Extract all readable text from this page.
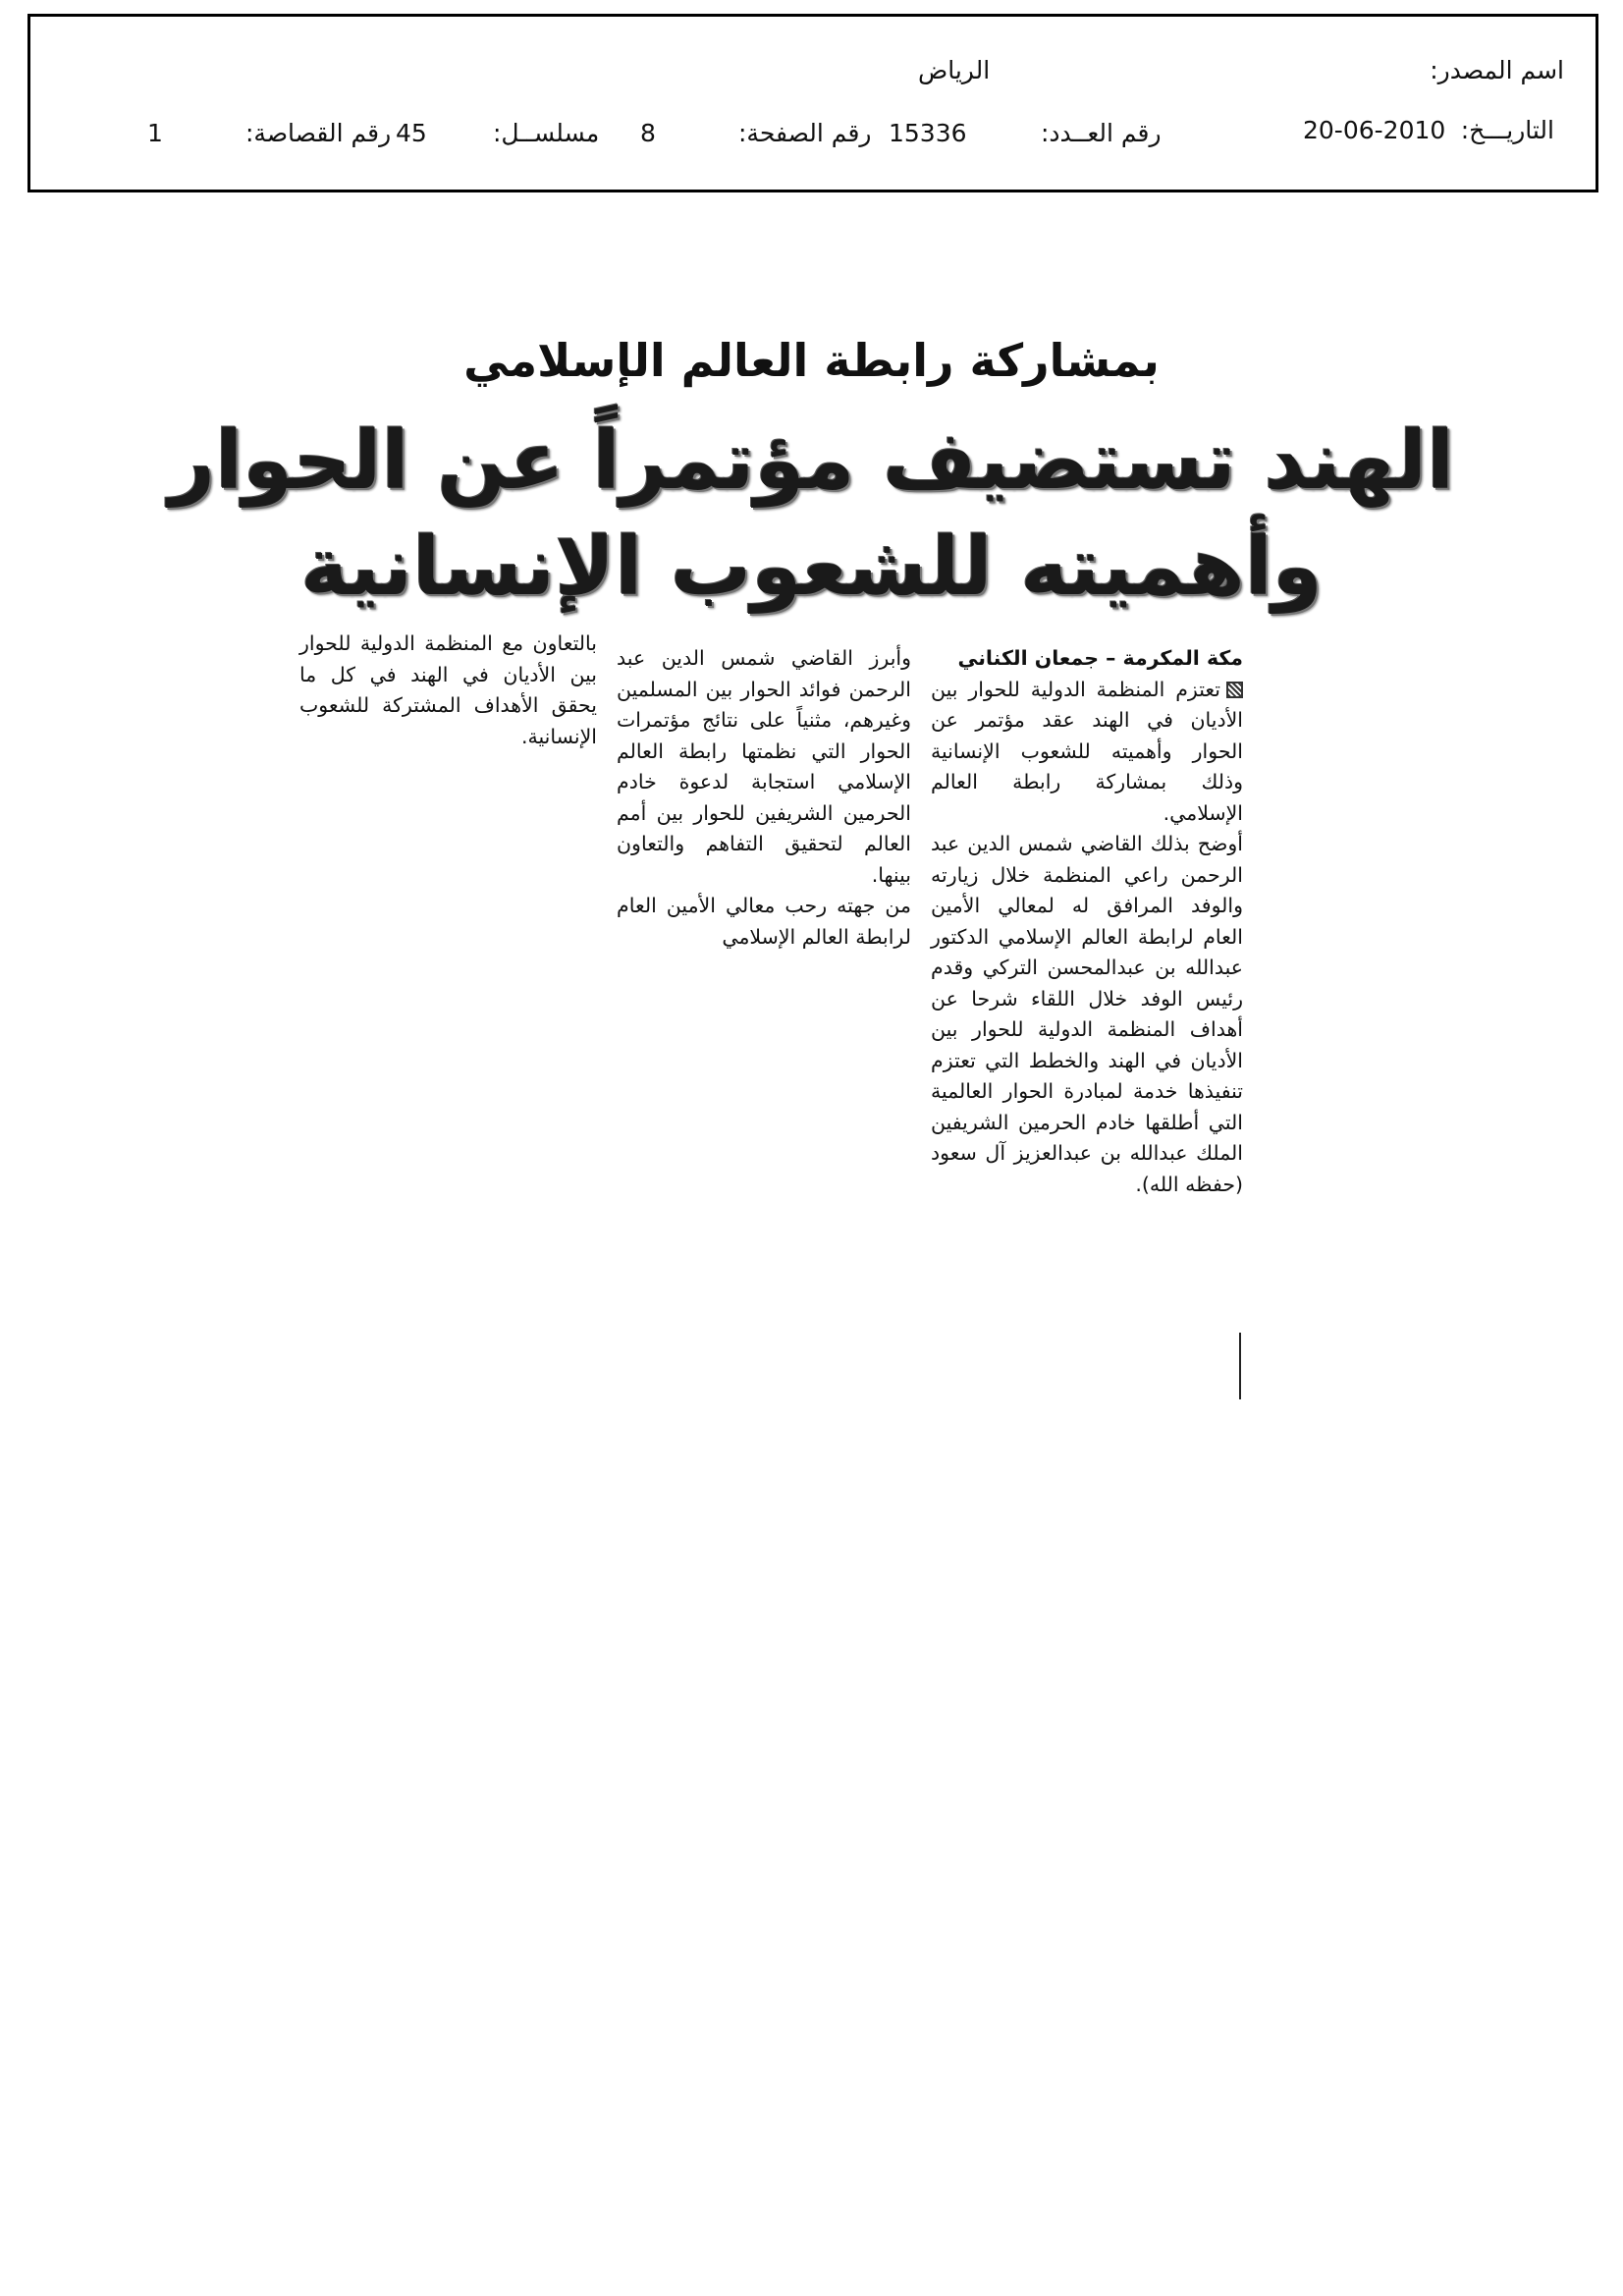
اسم المصدر:
الرياض
التاريـــخ:
20-06-2010
رقم العــدد:
15336
رقم الصفحة:
8
مسلســل:
45
رقم القصاصة:
1
بمشاركة رابطة العالم الإسلامي
الهند تستضيف مؤتمراً عن الحوار
وأهميته للشعوب الإنسانية
مكة المكرمة – جمعان الكناني

تعتزم المنظمة الدولية للحوار بين الأديان في الهند عقد مؤتمر عن الحوار وأهميته للشعوب الإنسانية وذلك بمشاركة رابطة العالم الإسلامي.

أوضح بذلك القاضي شمس الدين عبد الرحمن راعي المنظمة خلال زيارته والوفد المرافق له لمعالي الأمين العام لرابطة العالم الإسلامي الدكتور عبدالله بن عبدالمحسن التركي وقدم رئيس الوفد خلال اللقاء شرحا عن أهداف المنظمة الدولية للحوار بين الأديان في الهند والخطط التي تعتزم تنفيذها خدمة لمبادرة الحوار العالمية التي أطلقها خادم الحرمين الشريفين الملك عبدالله بن عبدالعزيز آل سعود (حفظه الله).

وأبرز القاضي شمس الدين عبد الرحمن فوائد الحوار بين المسلمين وغيرهم، مثنياً على نتائج مؤتمرات الحوار التي نظمتها رابطة العالم الإسلامي استجابة لدعوة خادم الحرمين الشريفين للحوار بين أمم العالم لتحقيق التفاهم والتعاون بينها.

من جهته رحب معالي الأمين العام لرابطة العالم الإسلامي

بالتعاون مع المنظمة الدولية للحوار بين الأديان في الهند في كل ما يحقق الأهداف المشتركة للشعوب الإنسانية.
